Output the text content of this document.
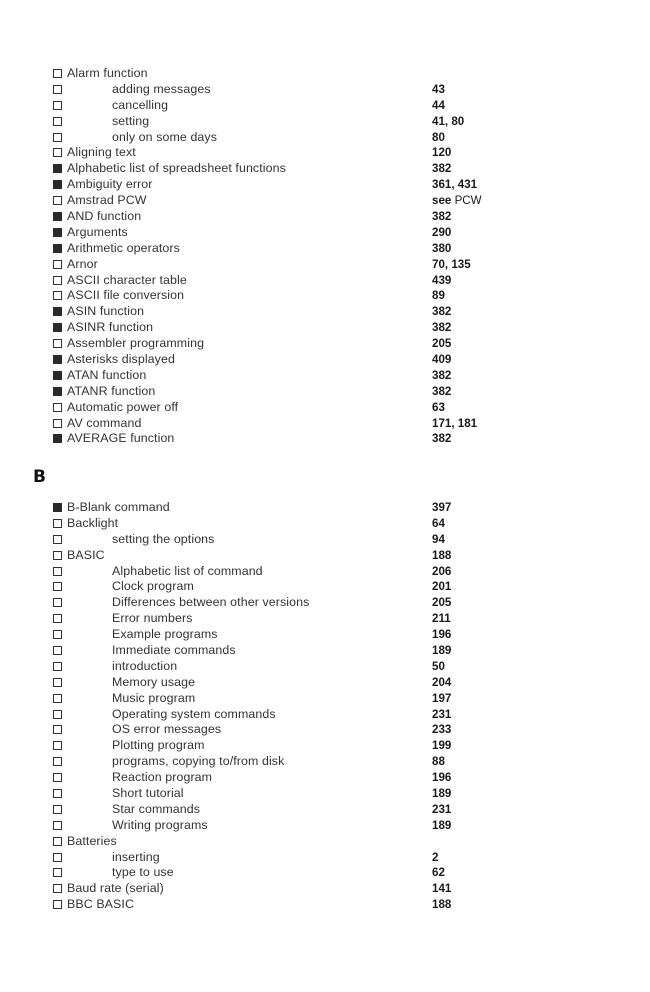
Alarm function
adding messages	43
cancelling	44
setting	41, 80
only on some days	80
Aligning text	120
Alphabetic list of spreadsheet functions	382
Ambiguity error	361, 431
Amstrad PCW	see PCW
AND function	382
Arguments	290
Arithmetic operators	380
Arnor	70, 135
ASCII character table	439
ASCII file conversion	89
ASIN function	382
ASINR function	382
Assembler programming	205
Asterisks displayed	409
ATAN function	382
ATANR function	382
Automatic power off	63
AV command	171, 181
AVERAGE function	382
B
B-Blank command	397
Backlight	64
setting the options	94
BASIC	188
Alphabetic list of command	206
Clock program	201
Differences between other versions	205
Error numbers	211
Example programs	196
Immediate commands	189
introduction	50
Memory usage	204
Music program	197
Operating system commands	231
OS error messages	233
Plotting program	199
programs, copying to/from disk	88
Reaction program	196
Short tutorial	189
Star commands	231
Writing programs	189
Batteries
inserting	2
type to use	62
Baud rate (serial)	141
BBC BASIC	188
